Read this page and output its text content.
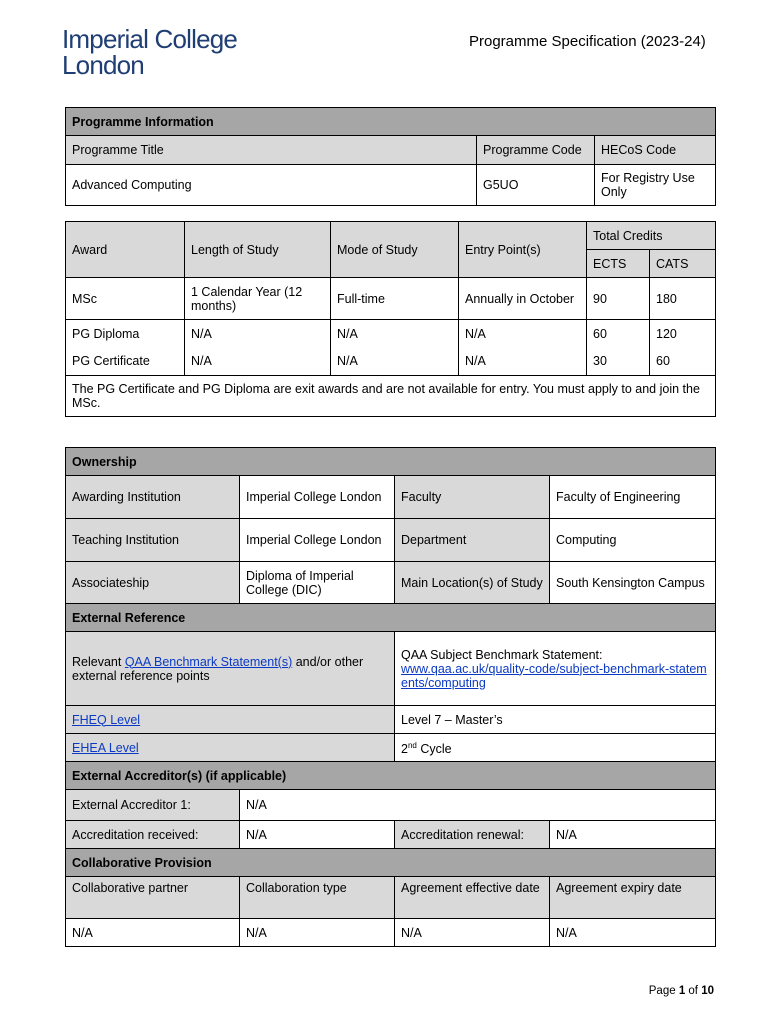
Imperial College
London
Programme Specification (2023-24)
Programme Information		
Programme Title	Programme Code	HECoS Code
Advanced Computing	G5UO	For Registry Use Only
Award	Length of Study	Mode of Study	Entry Point(s)	Total Credits	
				ECTS	CATS
MSc	1 Calendar Year (12 months)	Full-time	Annually in October	90	180
PG Diploma	N/A	N/A	N/A	60	120
PG Certificate	N/A	N/A	N/A	30	60
The PG Certificate and PG Diploma are exit awards and are not available for entry. You must apply to and join the MSc.					
Ownership			
Awarding Institution	Imperial College London	Faculty	Faculty of Engineering
Teaching Institution	Imperial College London	Department	Computing
Associateship	Diploma of Imperial College (DIC)	Main Location(s) of Study	South Kensington Campus
External Reference			
Relevant QAA Benchmark Statement(s) and/or other external reference points		QAA Subject Benchmark Statement:
www.qaa.ac.uk/quality-code/subject-benchmark-statements/computing	
FHEQ Level		Level 7 – Master’s	
EHEA Level		2nd Cycle	
External Accreditor(s) (if applicable)			
External Accreditor 1:	N/A		
Accreditation received:	N/A	Accreditation renewal:	N/A
Collaborative Provision			
Collaborative partner	Collaboration type	Agreement effective date	Agreement expiry date
N/A	N/A	N/A	N/A
Page 1 of 10
